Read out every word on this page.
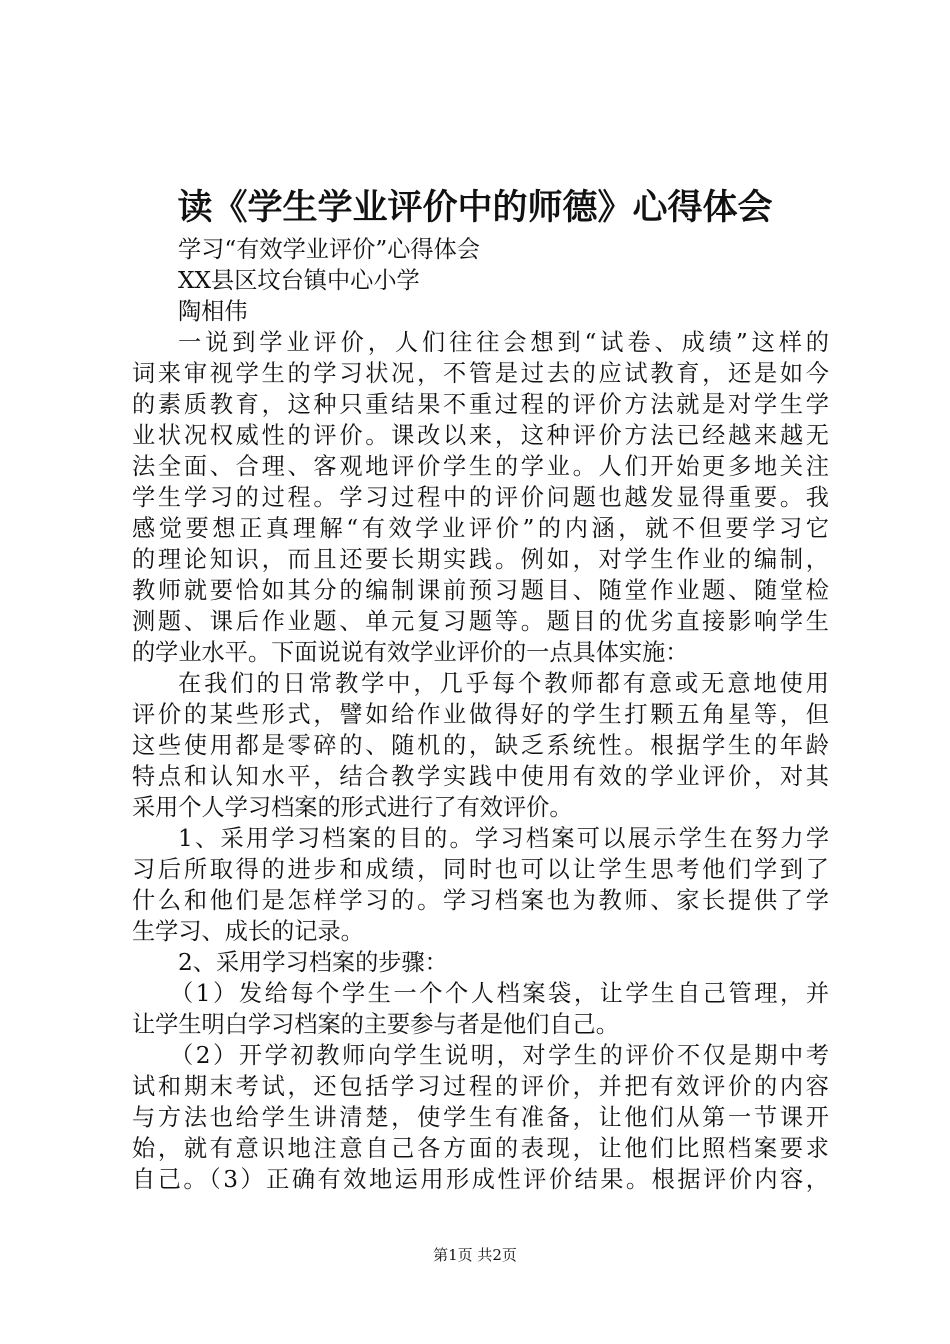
读《学生学业评价中的师德》心得体会
学习“有效学业评价”心得体会
XX县区坟台镇中心小学
陶相伟
一说到学业评价，人们往往会想到“试卷、成绩”这样的
词来审视学生的学习状况，不管是过去的应试教育，还是如今
的素质教育，这种只重结果不重过程的评价方法就是对学生学
业状况权威性的评价。课改以来，这种评价方法已经越来越无
法全面、合理、客观地评价学生的学业。人们开始更多地关注
学生学习的过程。学习过程中的评价问题也越发显得重要。我
感觉要想正真理解“有效学业评价”的内涵，就不但要学习它
的理论知识，而且还要长期实践。例如，对学生作业的编制，
教师就要恰如其分的编制课前预习题目、随堂作业题、随堂检
测题、课后作业题、单元复习题等。题目的优劣直接影响学生
的学业水平。下面说说有效学业评价的一点具体实施：
在我们的日常教学中，几乎每个教师都有意或无意地使用
评价的某些形式，譬如给作业做得好的学生打颗五角星等，但
这些使用都是零碎的、随机的，缺乏系统性。根据学生的年龄
特点和认知水平，结合教学实践中使用有效的学业评价，对其
采用个人学习档案的形式进行了有效评价。
1、采用学习档案的目的。学习档案可以展示学生在努力学
习后所取得的进步和成绩，同时也可以让学生思考他们学到了
什么和他们是怎样学习的。学习档案也为教师、家长提供了学
生学习、成长的记录。
2、采用学习档案的步骤：
（1）发给每个学生一个个人档案袋，让学生自己管理，并
让学生明白学习档案的主要参与者是他们自己。
（2）开学初教师向学生说明，对学生的评价不仅是期中考
试和期末考试，还包括学习过程的评价，并把有效评价的内容
与方法也给学生讲清楚，使学生有准备，让他们从第一节课开
始，就有意识地注意自己各方面的表现，让他们比照档案要求
自己。（3）正确有效地运用形成性评价结果。根据评价内容，
第1页 共2页
